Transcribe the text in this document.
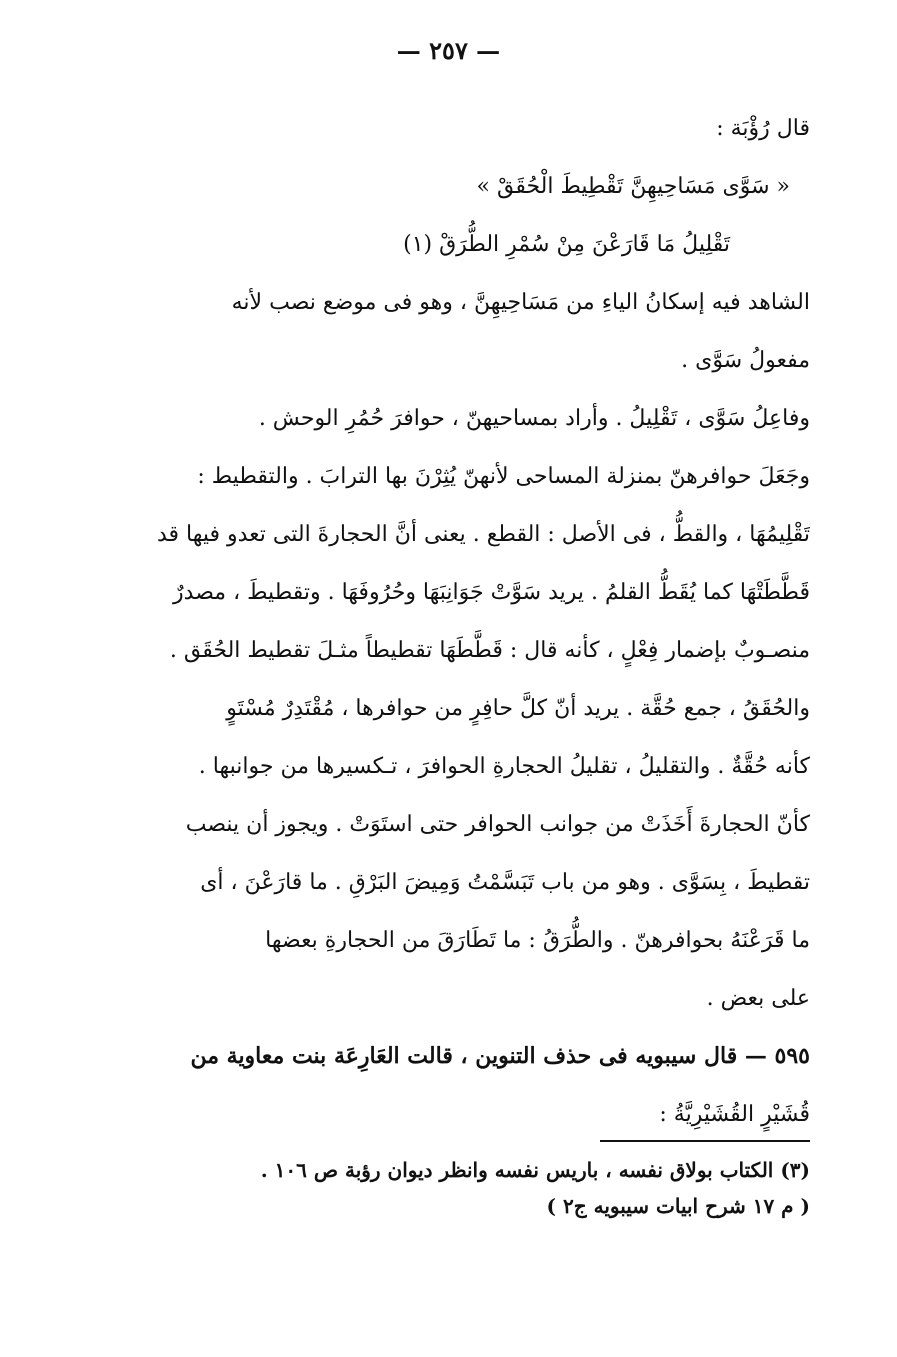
— ٢٥٧ —
قال رُؤْبَة :
« سَوَّى مَسَاحِيهِنَّ تَقْطِيطَ الْحُقَقْ »
تَقْلِيلُ مَا قَارَعْنَ مِنْ سُمْرِ الطُّرَقْ (١)
الشاهد فيه إسكانُ الياءِ من مَسَاحِيهِنَّ ، وهو فى موضع نصب لأنه
مفعولُ سَوَّى .
وفاعِلُ سَوَّى ، تَقْلِيلُ . وأراد بمساحيهنّ ، حوافرَ حُمُرِ الوحش .
وجَعَلَ حوافرهنّ بمنزلة المساحى لأنهنّ يُثِرْنَ بها الترابَ . والتقطيط :
تَقْلِيمُهَا ، والقطُّ ، فى الأصل : القطع . يعنى أنَّ الحجارةَ التى تعدو فيها قد
قَطَّطَتْهَا كما يُقَطُّ القلمُ . يريد سَوَّتْ جَوَانِبَهَا وحُرُوفَهَا . وتقطيطَ ، مصدرٌ
منصـوبٌ بإضمار فِعْلٍ ، كأنه قال : قَطَّطَهَا تقطيطاً مثـلَ تقطيط الحُقَق .
والحُقَقُ ، جمع حُقَّة . يريد أنّ كلَّ حافِرٍ من حوافرها ، مُقْتَدِرٌ مُسْتَوٍ
كأنه حُقَّةٌ . والتقليلُ ، تقليلُ الحجارةِ الحوافرَ ، تـكسيرها من جوانبها .
كأنّ الحجارةَ أَخَذَتْ من جوانب الحوافر حتى استَوَتْ . ويجوز أن ينصب
تقطيطَ ، بِسَوَّى . وهو من باب تَبَسَّمْتُ وَمِيضَ البَرْقِ . ما قارَعْنَ ، أى
ما قَرَعْنَهُ بحوافرهنّ . والطُّرَقُ : ما تَطَارَقَ من الحجارةِ بعضها
على بعض .
٥٩٥ — قال سيبويه فى حذف التنوين ، قالت العَارِعَة بنت معاوية من
قُشَيْرٍ القُشَيْرِيَّةُ :
(٣) الكتاب بولاق نفسه ، باريس نفسه وانظر ديوان رؤبة ص ١٠٦ .
( م ١٧ شرح ابيات سيبويه ج٢ )
